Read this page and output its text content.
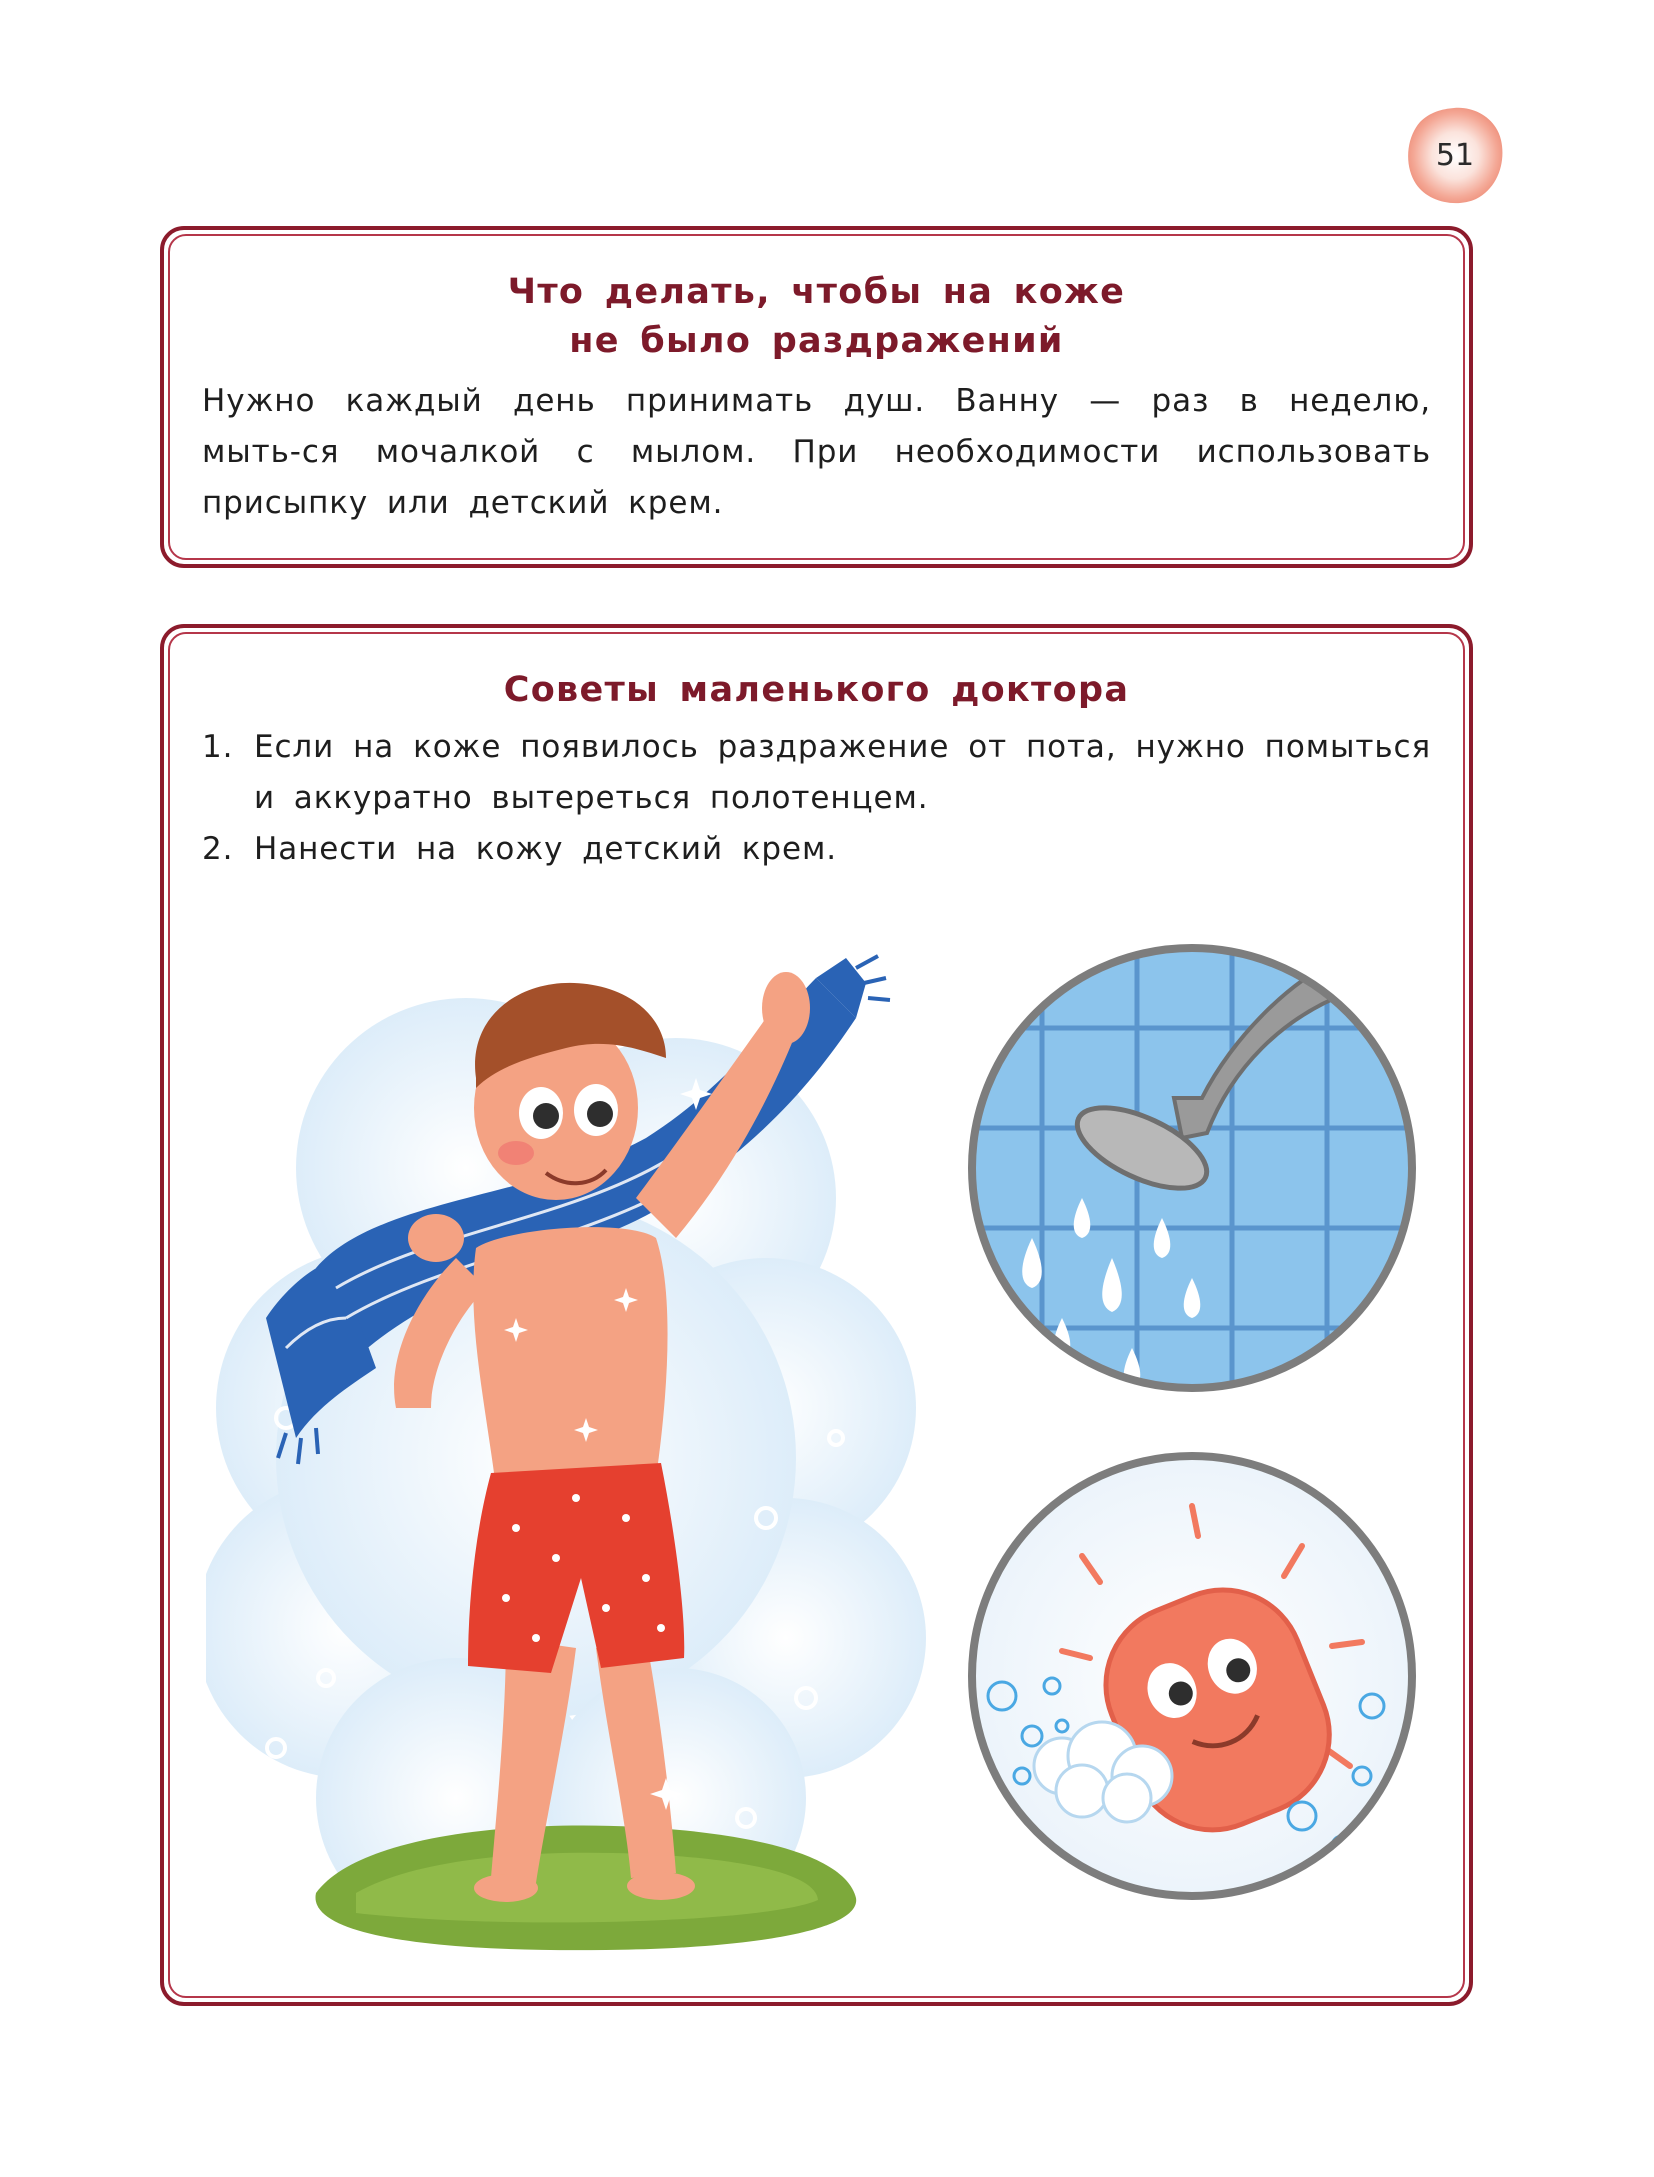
51
Что делать, чтобы на коже
не было раздражений
Нужно каждый день принимать душ. Ванну — раз в неделю, мыть-ся мочалкой с мылом. При необходимости использовать присыпку или детский крем.
Советы маленького доктора
1. Если на коже появилось раздражение от пота, нужно помыться и аккуратно вытереться полотенцем.
2. Нанести на кожу детский крем.
